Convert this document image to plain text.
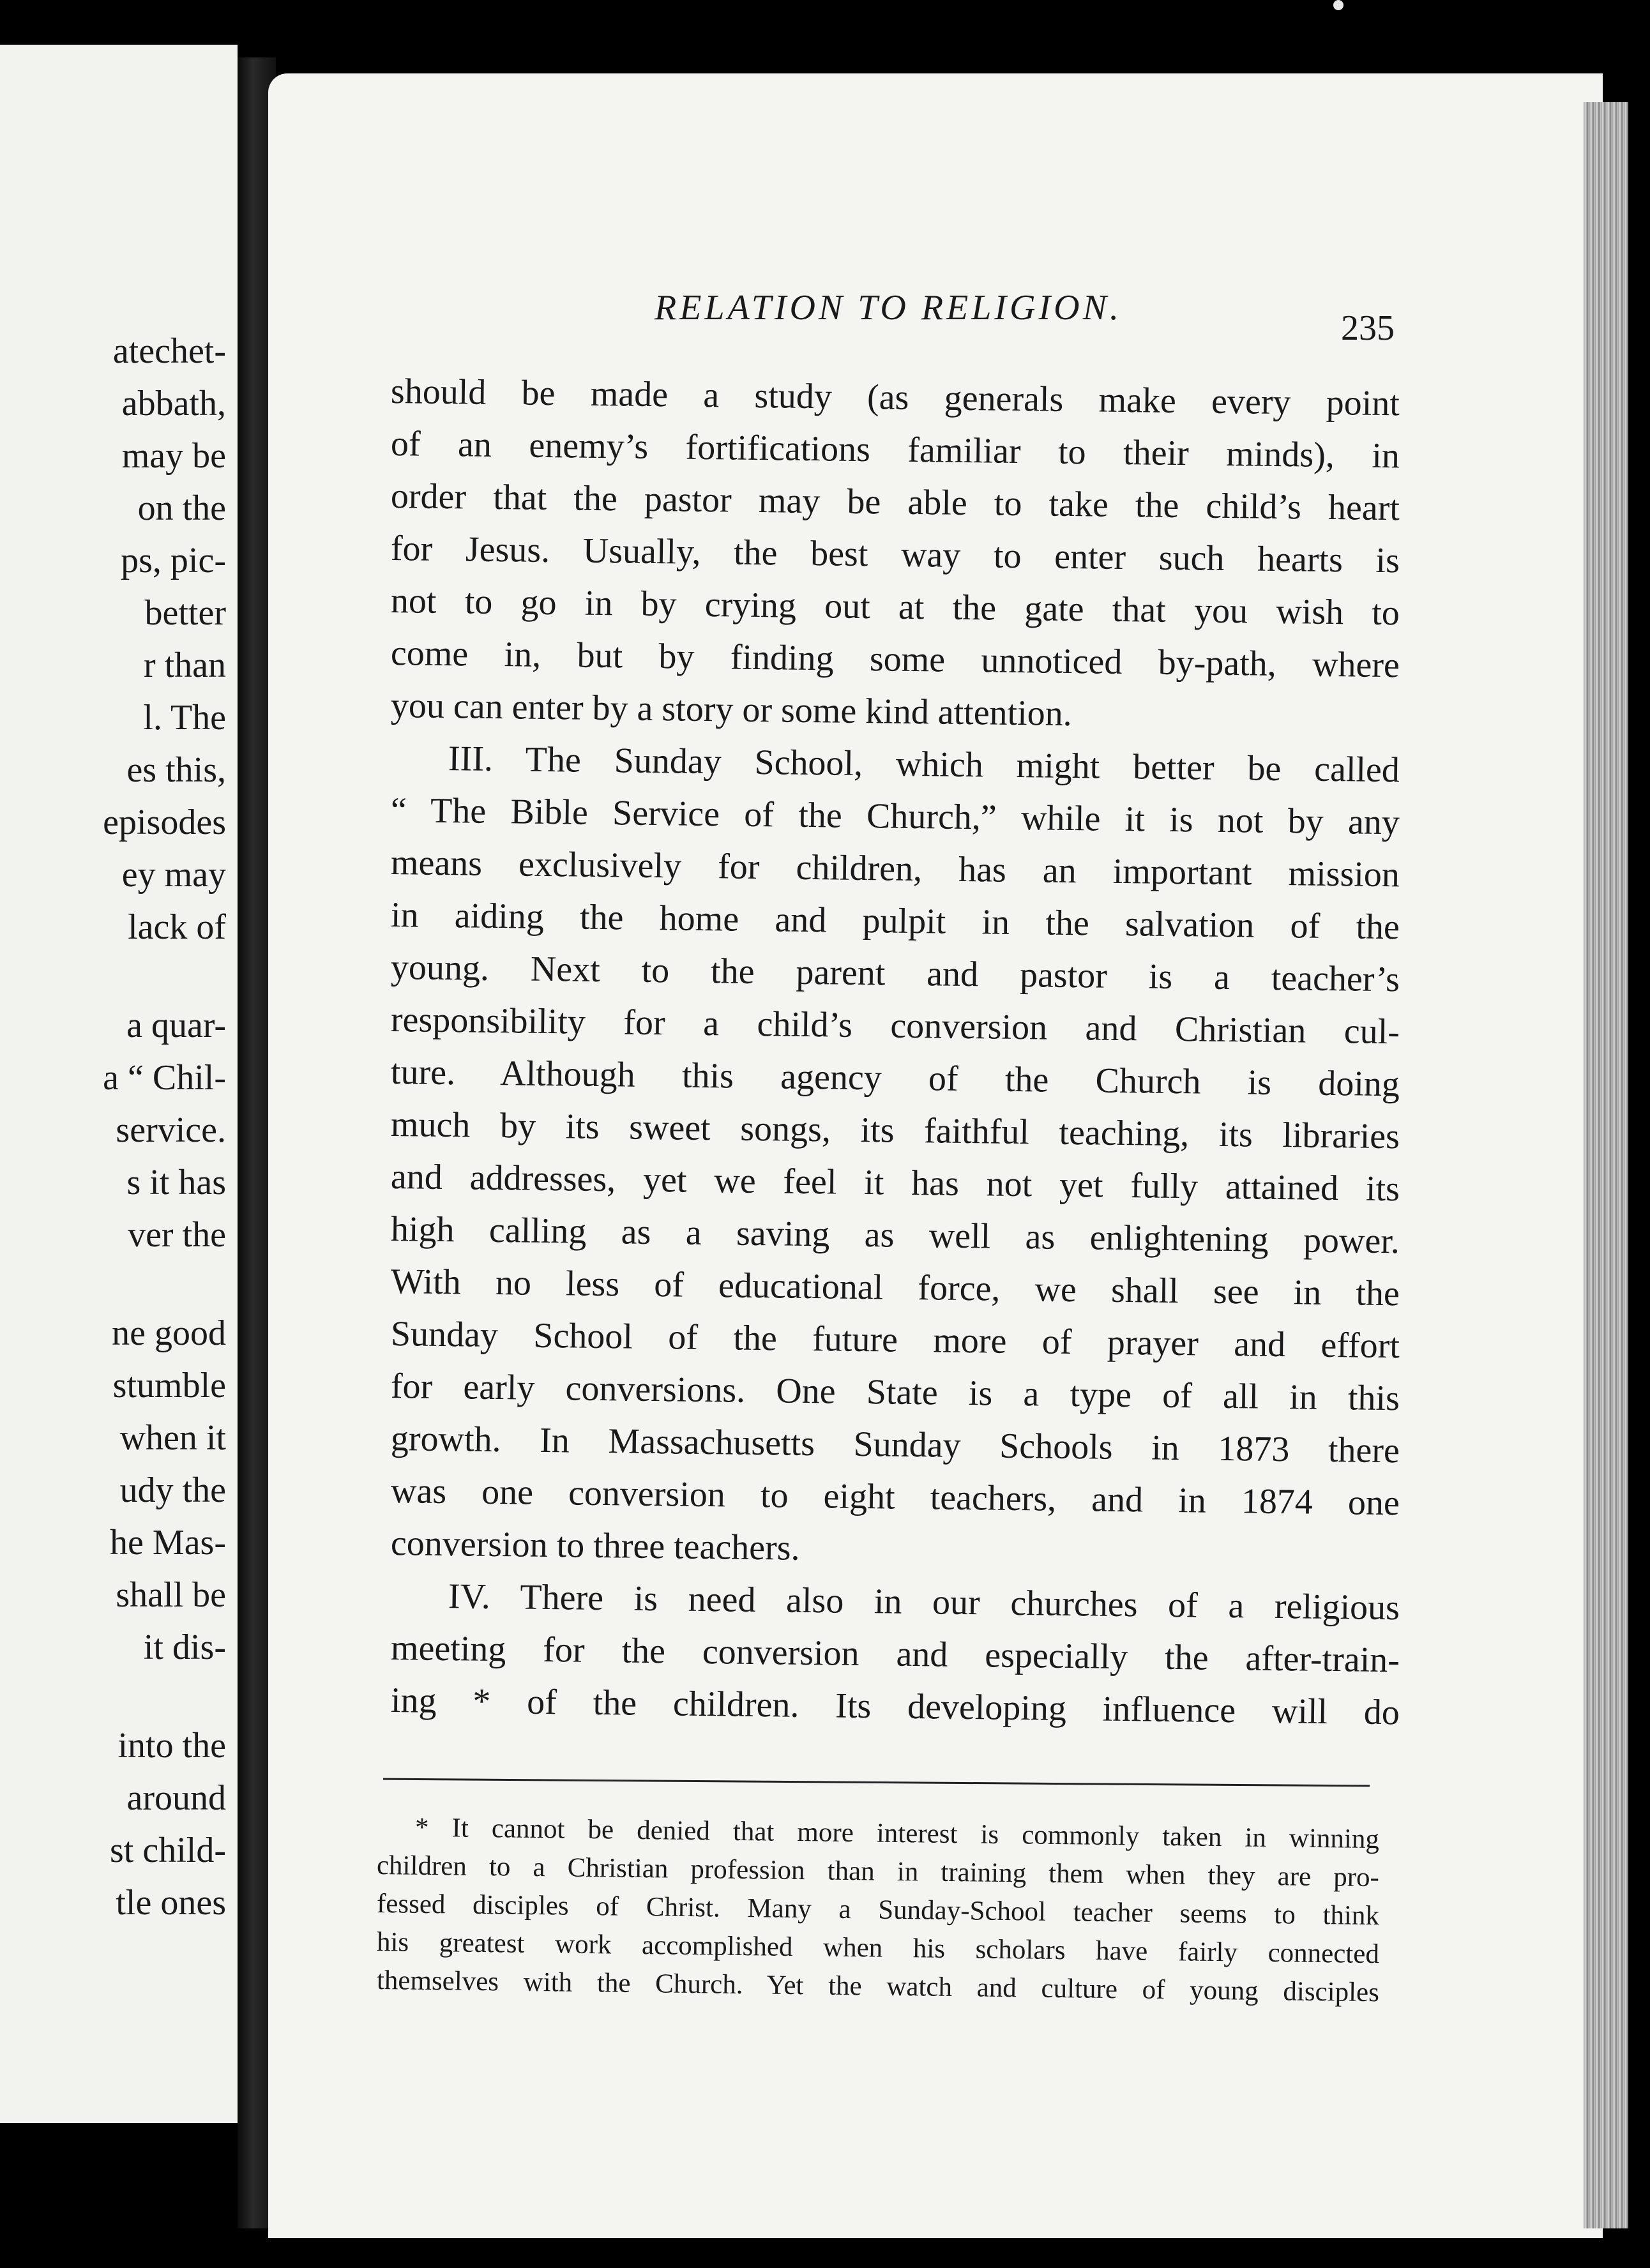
atechet-
abbath,
may be
on the
ps, pic-
better
r than
l. The
es this,
episodes
ey may
lack of
a quar-
a “ Chil-
service.
s it has
ver the
ne good
stumble
when it
udy the
he Mas-
shall be
it dis-
into the
around
st child-
tle ones
RELATION TO RELIGION.
235
should be made a study (as generals make every point
of an enemy’s fortifications familiar to their minds), in
order that the pastor may be able to take the child’s heart
for Jesus. Usually, the best way to enter such hearts is
not to go in by crying out at the gate that you wish to
come in, but by finding some unnoticed by-path, where
you can enter by a story or some kind attention.
III. The Sunday School, which might better be called
“ The Bible Service of the Church,” while it is not by any
means exclusively for children, has an important mission
in aiding the home and pulpit in the salvation of the
young. Next to the parent and pastor is a teacher’s
responsibility for a child’s conversion and Christian cul-
ture. Although this agency of the Church is doing
much by its sweet songs, its faithful teaching, its libraries
and addresses, yet we feel it has not yet fully attained its
high calling as a saving as well as enlightening power.
With no less of educational force, we shall see in the
Sunday School of the future more of prayer and effort
for early conversions. One State is a type of all in this
growth. In Massachusetts Sunday Schools in 1873 there
was one conversion to eight teachers, and in 1874 one
conversion to three teachers.
IV. There is need also in our churches of a religious
meeting for the conversion and especially the after-train-
ing * of the children. Its developing influence will do
* It cannot be denied that more interest is commonly taken in winning
children to a Christian profession than in training them when they are pro-
fessed disciples of Christ. Many a Sunday-School teacher seems to think
his greatest work accomplished when his scholars have fairly connected
themselves with the Church. Yet the watch and culture of young disciples
